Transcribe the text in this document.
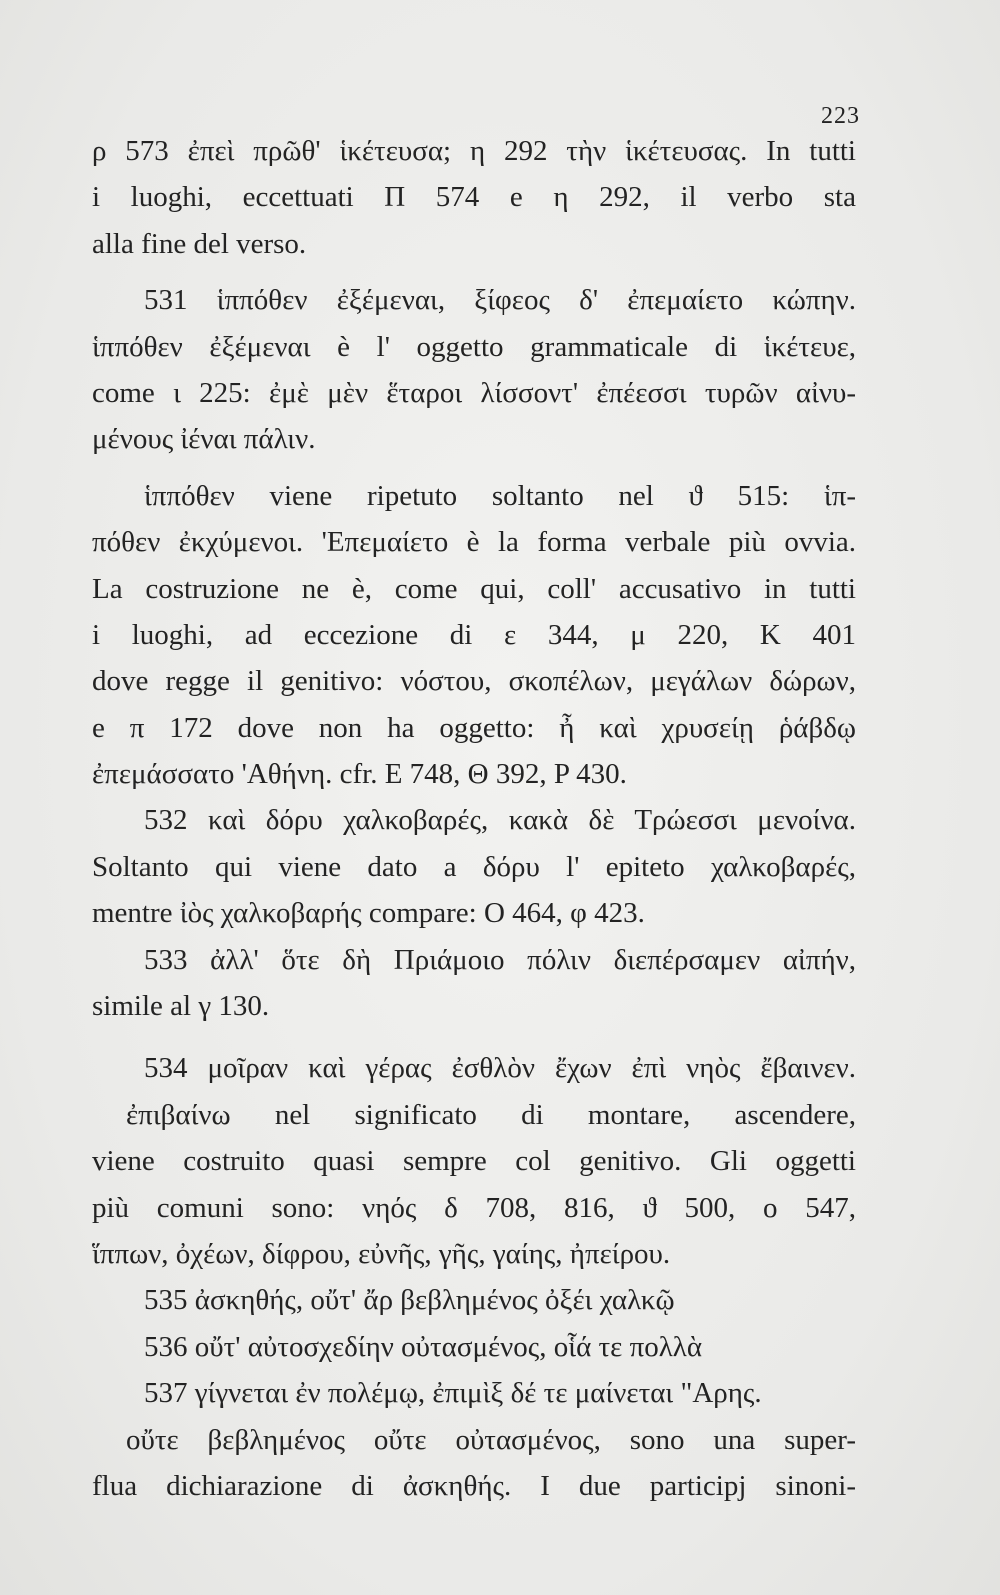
223
ρ 573 ἐπεὶ πρῶθ' ἱκέτευσα; η 292 τὴν ἱκέτευσας. In tutti
i luoghi, eccettuati Π 574 e η 292, il verbo sta
alla fine del verso.
531 ἱππόθεν ἐξέμεναι, ξίφεος δ' ἐπεμαίετο κώπην.
ἱππόθεν ἐξέμεναι è l' oggetto grammaticale di ἱκέτευε,
come ι 225: ἐμὲ μὲν ἕταροι λίσσοντ' ἐπέεσσι τυρῶν αἰνυ-
μένους ἰέναι πάλιν.
ἱππόθεν viene ripetuto soltanto nel ϑ 515: ἱπ-
πόθεν ἐκχύμενοι. 'Επεμαίετο è la forma verbale più ovvia.
La costruzione ne è, come qui, coll' accusativo in tutti
i luoghi, ad eccezione di ε 344, μ 220, K 401
dove regge il genitivo: νόστου, σκοπέλων, μεγάλων δώρων,
e π 172 dove non ha oggetto: ἦ καὶ χρυσείῃ ῥάβδῳ
ἐπεμάσσατο 'Αθήνη. cfr. E 748, Θ 392, P 430.
532 καὶ δόρυ χαλκοβαρές, κακὰ δὲ Τρώεσσι μενοίνα.
Soltanto qui viene dato a δόρυ l' epiteto χαλκοβαρές,
mentre ἰὸς χαλκοβαρής compare: O 464, φ 423.
533 ἀλλ' ὅτε δὴ Πριάμοιο πόλιν διεπέρσαμεν αἰπήν,
simile al γ 130.
534 μοῖραν καὶ γέρας ἐσθλὸν ἔχων ἐπὶ νηὸς ἔβαινεν.
ἐπιβαίνω nel significato di montare, ascendere,
viene costruito quasi sempre col genitivo. Gli oggetti
più comuni sono: νηός δ 708, 816, ϑ 500, ο 547,
ἵππων, ὀχέων, δίφρου, εὐνῆς, γῆς, γαίης, ἠπείρου.
535 ἀσκηθής, οὔτ' ἄρ βεβλημένος ὀξέι χαλκῷ
536 οὔτ' αὐτοσχεδίην οὐτασμένος, οἷά τε πολλὰ
537 γίγνεται ἐν πολέμῳ, ἐπιμὶξ δέ τε μαίνεται "Αρης.
οὔτε βεβλημένος οὔτε οὐτασμένος, sono una super-
flua dichiarazione di ἀσκηθής. I due participj sinoni-
